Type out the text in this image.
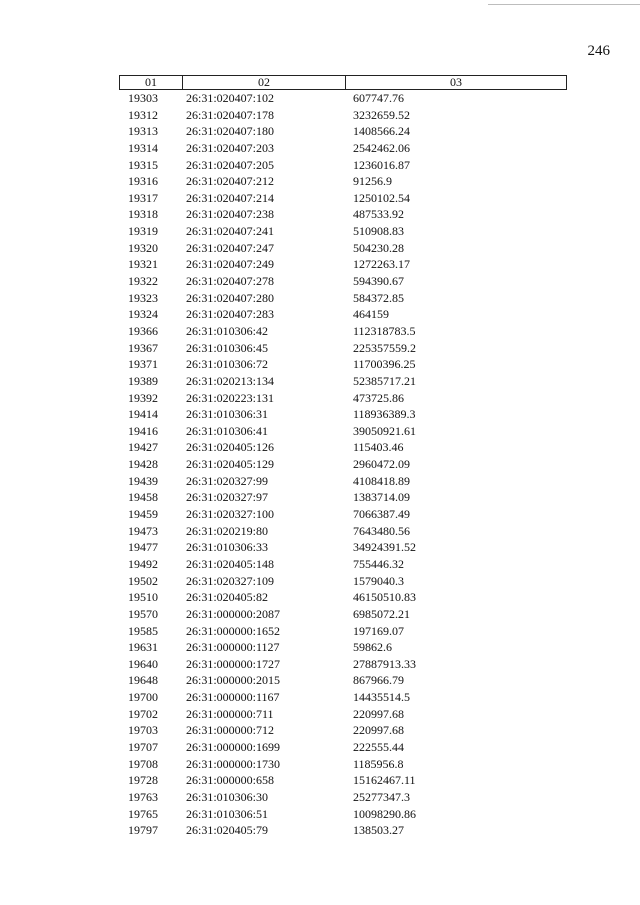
246
01	02	03
19303	26:31:020407:102	607747.76
19312	26:31:020407:178	3232659.52
19313	26:31:020407:180	1408566.24
19314	26:31:020407:203	2542462.06
19315	26:31:020407:205	1236016.87
19316	26:31:020407:212	91256.9
19317	26:31:020407:214	1250102.54
19318	26:31:020407:238	487533.92
19319	26:31:020407:241	510908.83
19320	26:31:020407:247	504230.28
19321	26:31:020407:249	1272263.17
19322	26:31:020407:278	594390.67
19323	26:31:020407:280	584372.85
19324	26:31:020407:283	464159
19366	26:31:010306:42	112318783.5
19367	26:31:010306:45	225357559.2
19371	26:31:010306:72	11700396.25
19389	26:31:020213:134	52385717.21
19392	26:31:020223:131	473725.86
19414	26:31:010306:31	118936389.3
19416	26:31:010306:41	39050921.61
19427	26:31:020405:126	115403.46
19428	26:31:020405:129	2960472.09
19439	26:31:020327:99	4108418.89
19458	26:31:020327:97	1383714.09
19459	26:31:020327:100	7066387.49
19473	26:31:020219:80	7643480.56
19477	26:31:010306:33	34924391.52
19492	26:31:020405:148	755446.32
19502	26:31:020327:109	1579040.3
19510	26:31:020405:82	46150510.83
19570	26:31:000000:2087	6985072.21
19585	26:31:000000:1652	197169.07
19631	26:31:000000:1127	59862.6
19640	26:31:000000:1727	27887913.33
19648	26:31:000000:2015	867966.79
19700	26:31:000000:1167	14435514.5
19702	26:31:000000:711	220997.68
19703	26:31:000000:712	220997.68
19707	26:31:000000:1699	222555.44
19708	26:31:000000:1730	1185956.8
19728	26:31:000000:658	15162467.11
19763	26:31:010306:30	25277347.3
19765	26:31:010306:51	10098290.86
19797	26:31:020405:79	138503.27
